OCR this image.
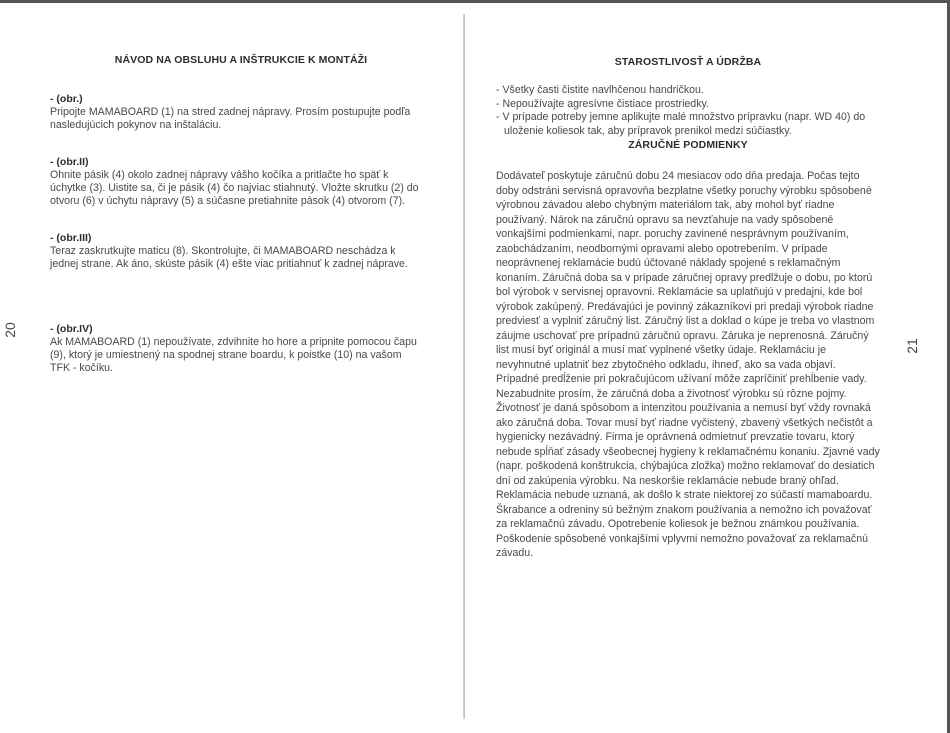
20
21
NÁVOD NA OBSLUHU A INŠTRUKCIE K MONTÁŽI

- (obr.)

Pripojte MAMABOARD (1) na stred zadnej nápravy. Prosím postupujte podľa nasledujúcich pokynov na inštaláciu.

- (obr.II)

Ohnite pásik (4) okolo zadnej nápravy vášho kočíka a pritlačte ho späť k úchytke (3). Uistite sa, či je pásik (4) čo najviac stiahnutý. Vložte skrutku (2) do otvoru (6) v úchytu nápravy (5) a súčasne pretiahnite pások (4) otvorom (7).

- (obr.III)

Teraz zaskrutkujte maticu (8). Skontrolujte, či MAMABOARD neschádza k jednej strane. Ak áno, skúste pásik (4) ešte viac pritiahnuť k zadnej náprave.

- (obr.IV)

Ak MAMABOARD (1) nepoužívate, zdvihnite ho hore a pripnite pomocou čapu (9), ktorý je umiestnený na spodnej strane boardu, k poistke (10) na vašom TFK - kočíku.

STAROSTLIVOSŤ A ÚDRŽBA
- Všetky časti čistite navlhčenou handričkou.
- Nepoužívajte agresívne čistiace prostriedky.
- V prípade potreby jemne aplikujte malé množstvo prípravku (napr. WD 40) do uloženie koliesok tak, aby prípravok prenikol medzi súčiastky.
ZÁRUČNÉ PODMIENKY

Dodávateľ poskytuje záručnú dobu 24 mesiacov odo dňa predaja. Počas tejto doby odstráni servisná opravovňa bezplatne všetky poruchy výrobku spôsobené výrobnou závadou alebo chybným materiálom tak, aby mohol byť riadne používaný. Nárok na záručnú opravu sa nevzťahuje na vady spôsobené vonkajšími podmienkami, napr. poruchy zavinené nesprávnym používaním, zaobchádzaním, neodbornými opravami alebo opotrebením. V prípade neoprávnenej reklamácie budú účtované náklady spojené s reklamačným konaním. Záručná doba sa v prípade záručnej opravy predlžuje o dobu, po ktorú bol výrobok v servisnej opravovni. Reklamácie sa uplatňujú v predajni, kde bol výrobok zakúpený. Predávajúci je povinný zákazníkovi pri predaji výrobok riadne predviesť a vyplniť záručný list. Záručný list a doklad o kúpe je treba vo vlastnom záujme uschovať pre prípadnú záručnú opravu. Záruka je neprenosná. Záručný list musí byť originál a musí mať vyplnené všetky údaje. Reklamáciu je nevyhnutné uplatniť bez zbytočného odkladu, ihneď, ako sa vada objaví. Prípadné predĺženie pri pokračujúcom užívaní môže zapríčiniť prehĺbenie vady. Nezabudnite prosím, že záručná doba a životnosť výrobku sú rôzne pojmy. Životnosť je daná spôsobom a intenzitou používania a nemusí byť vždy rovnaká ako záručná doba. Tovar musí byť riadne vyčistený, zbavený všetkých nečistôt a hygienicky nezávadný. Firma je oprávnená odmietnuť prevzatie tovaru, ktorý nebude spĺňať zásady všeobecnej hygieny k reklamačnému konaniu. Zjavné vady (napr. poškodená konštrukcia, chýbajúca zložka) možno reklamovať do desiatich dní od zakúpenia výrobku. Na neskoršie reklamácie nebude braný ohľad. Reklamácia nebude uznaná, ak došlo k strate niektorej zo súčastí mamaboardu. Škrabance a odreniny sú bežným znakom používania a nemožno ich považovať za reklamačnú závadu. Opotrebenie koliesok je bežnou známkou používania. Poškodenie spôsobené vonkajšími vplyvmi nemožno považovať za reklamačnú závadu.
